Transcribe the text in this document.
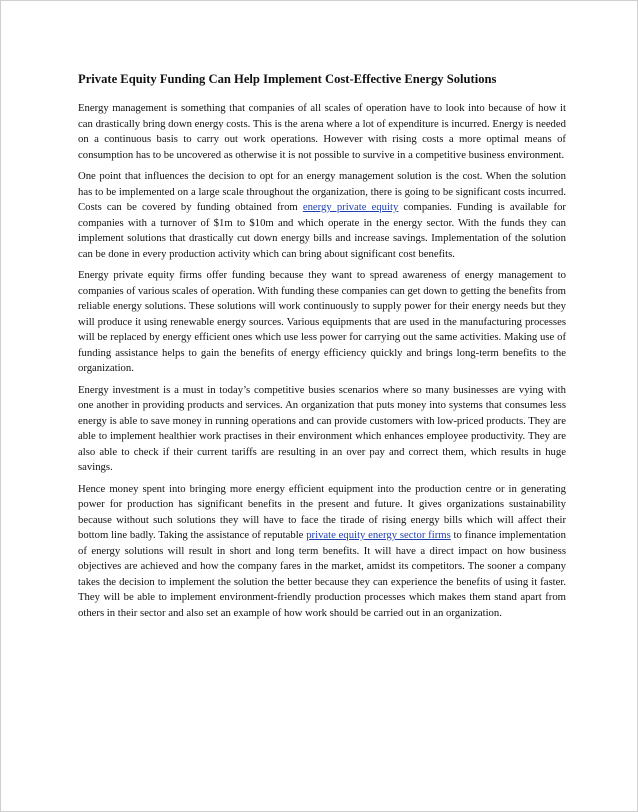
Private Equity Funding Can Help Implement Cost-Effective Energy Solutions

Energy management is something that companies of all scales of operation have to look into because of how it can drastically bring down energy costs. This is the arena where a lot of expenditure is incurred. Energy is needed on a continuous basis to carry out work operations. However with rising costs a more optimal means of consumption has to be uncovered as otherwise it is not possible to survive in a competitive business environment.

One point that influences the decision to opt for an energy management solution is the cost. When the solution has to be implemented on a large scale throughout the organization, there is going to be significant costs incurred. Costs can be covered by funding obtained from energy private equity companies. Funding is available for companies with a turnover of $1m to $10m and which operate in the energy sector. With the funds they can implement solutions that drastically cut down energy bills and increase savings. Implementation of the solution can be done in every production activity which can bring about significant cost benefits.

Energy private equity firms offer funding because they want to spread awareness of energy management to companies of various scales of operation. With funding these companies can get down to getting the benefits from reliable energy solutions. These solutions will work continuously to supply power for their energy needs but they will produce it using renewable energy sources. Various equipments that are used in the manufacturing processes will be replaced by energy efficient ones which use less power for carrying out the same activities. Making use of funding assistance helps to gain the benefits of energy efficiency quickly and brings long-term benefits to the organization.

Energy investment is a must in today’s competitive busies scenarios where so many businesses are vying with one another in providing products and services. An organization that puts money into systems that consumes less energy is able to save money in running operations and can provide customers with low-priced products. They are able to implement healthier work practises in their environment which enhances employee productivity. They are also able to check if their current tariffs are resulting in an over pay and correct them, which results in huge savings.

Hence money spent into bringing more energy efficient equipment into the production centre or in generating power for production has significant benefits in the present and future. It gives organizations sustainability because without such solutions they will have to face the tirade of rising energy bills which will affect their bottom line badly. Taking the assistance of reputable private equity energy sector firms to finance implementation of energy solutions will result in short and long term benefits. It will have a direct impact on how business objectives are achieved and how the company fares in the market, amidst its competitors. The sooner a company takes the decision to implement the solution the better because they can experience the benefits of using it faster. They will be able to implement environment-friendly production processes which makes them stand apart from others in their sector and also set an example of how work should be carried out in an organization.
